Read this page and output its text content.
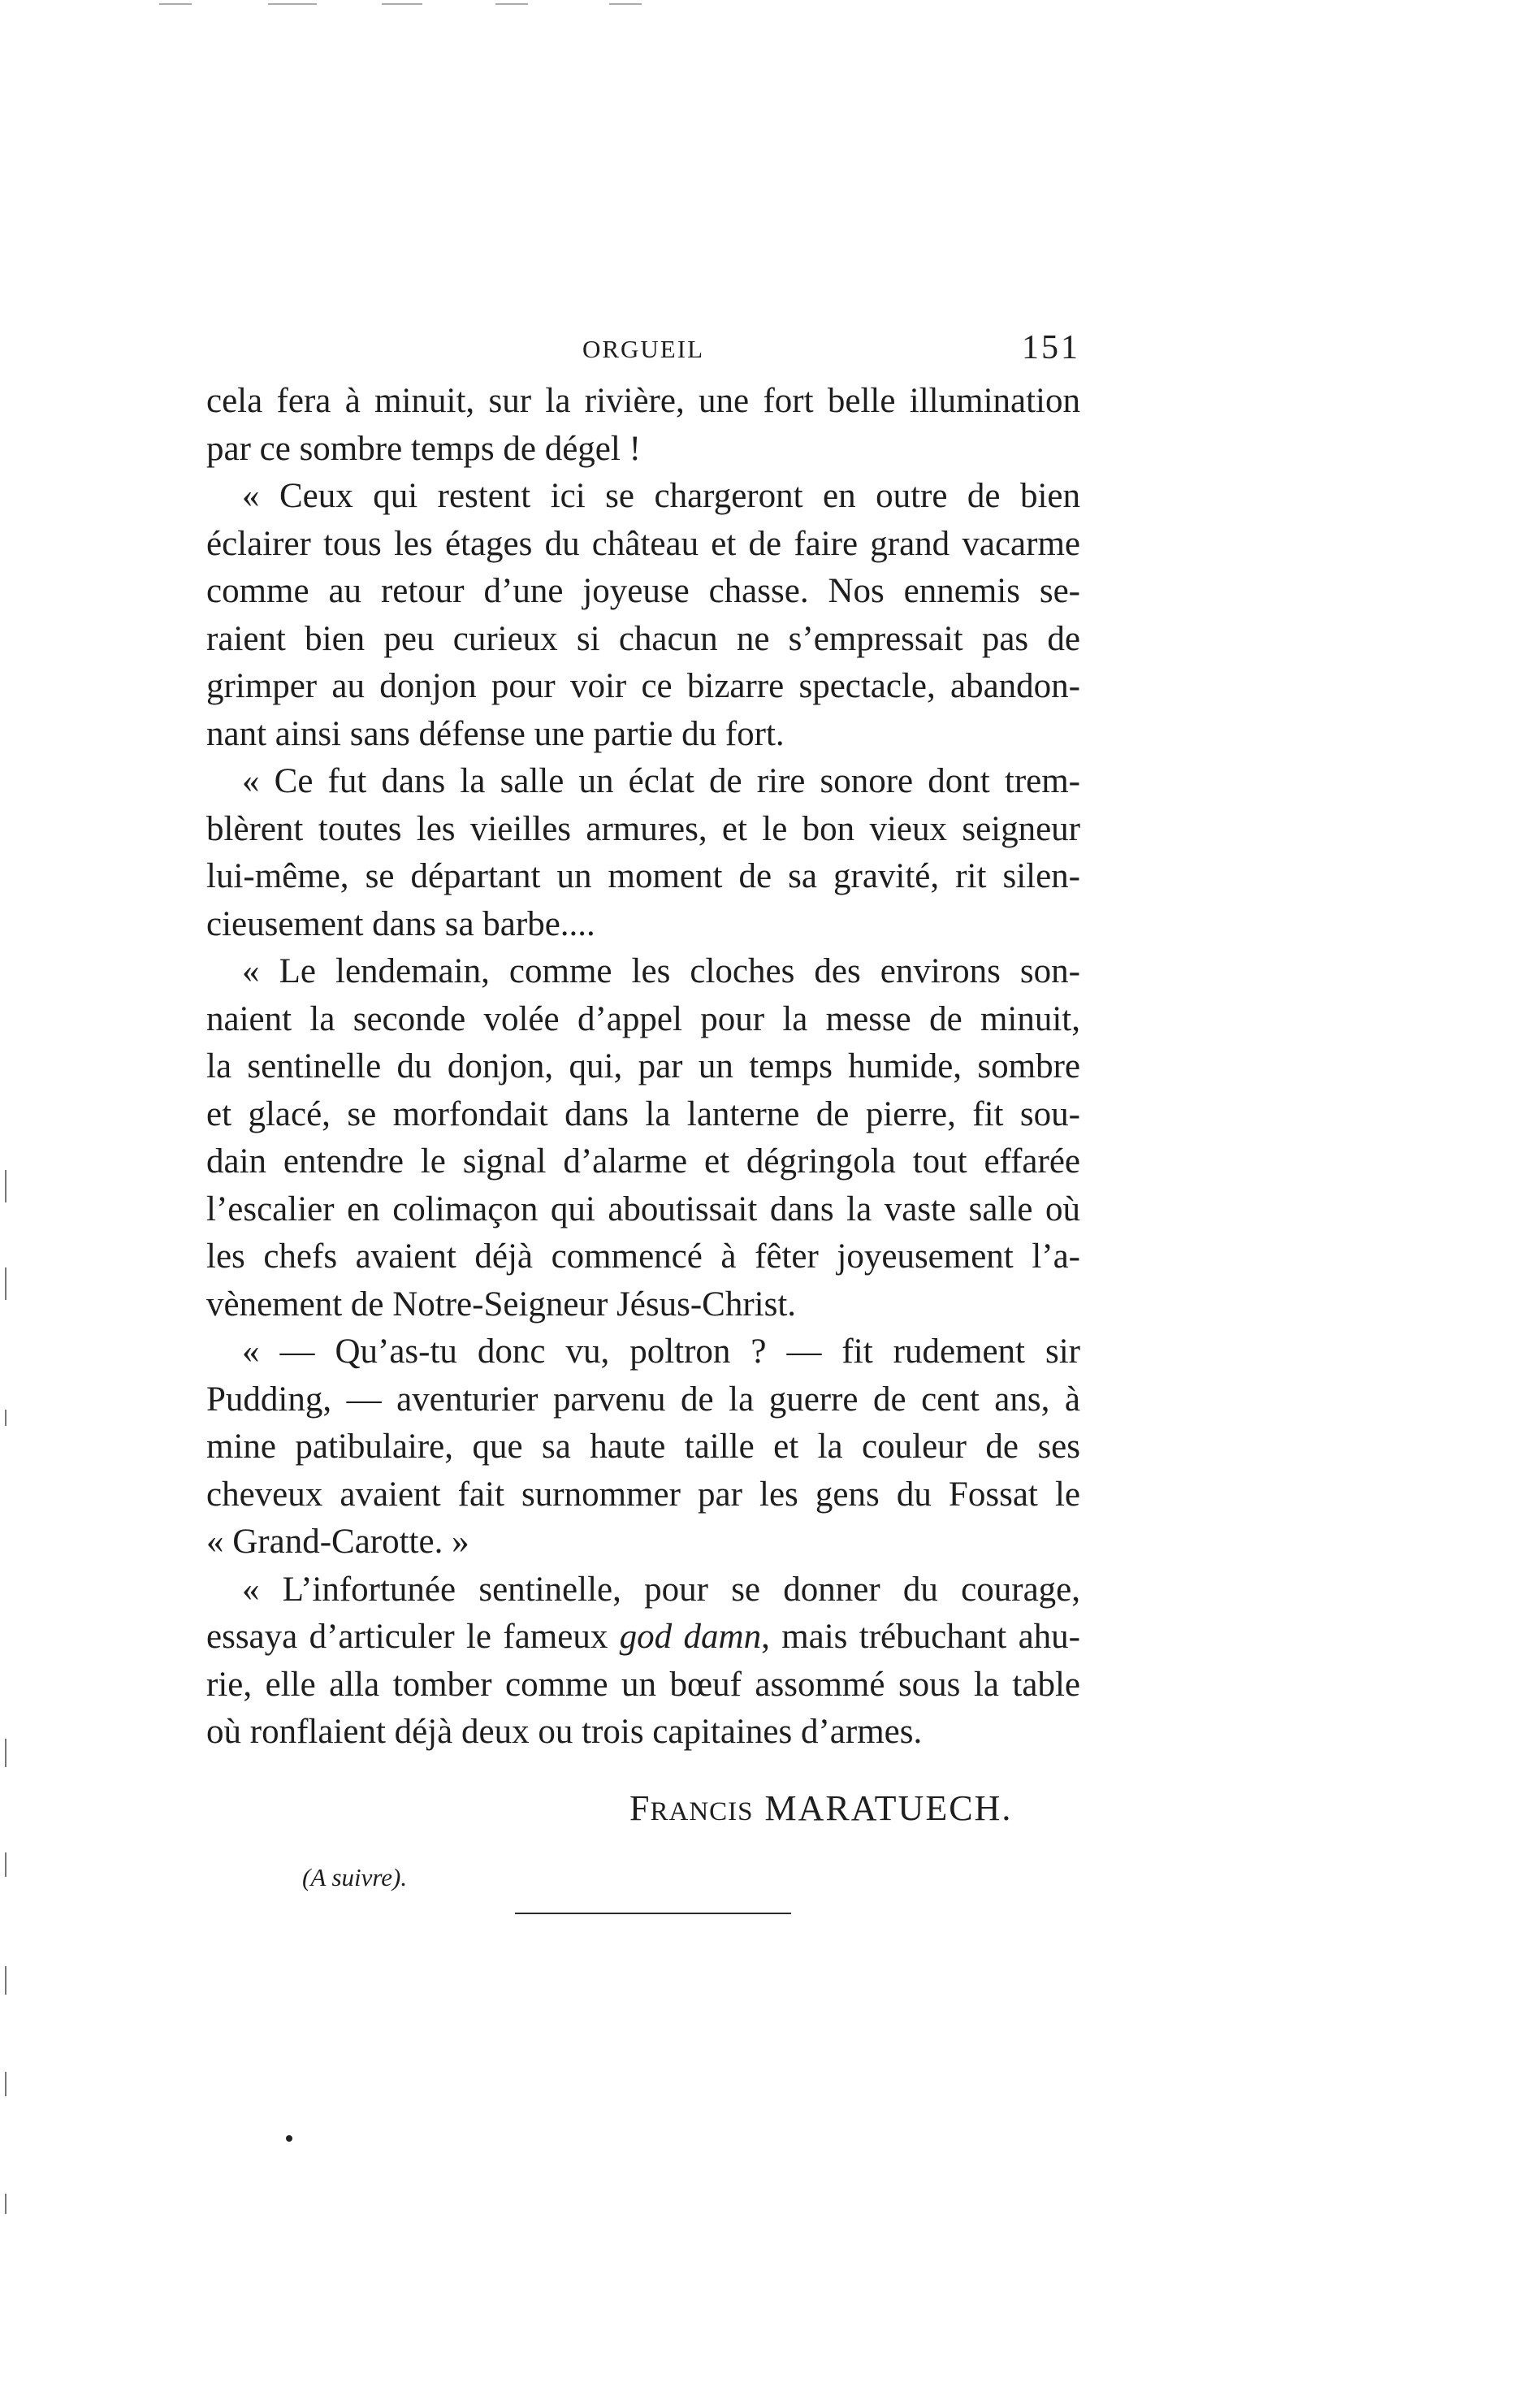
ORGUEIL	151
cela fera à minuit, sur la rivière, une fort belle illumination
par ce sombre temps de dégel !
« Ceux qui restent ici se chargeront en outre de bien
éclairer tous les étages du château et de faire grand vacarme
comme au retour d’une joyeuse chasse. Nos ennemis se-
raient bien peu curieux si chacun ne s’empressait pas de
grimper au donjon pour voir ce bizarre spectacle, abandon-
nant ainsi sans défense une partie du fort.
« Ce fut dans la salle un éclat de rire sonore dont trem-
blèrent toutes les vieilles armures, et le bon vieux seigneur
lui-même, se départant un moment de sa gravité, rit silen-
cieusement dans sa barbe....
« Le lendemain, comme les cloches des environs son-
naient la seconde volée d’appel pour la messe de minuit,
la sentinelle du donjon, qui, par un temps humide, sombre
et glacé, se morfondait dans la lanterne de pierre, fit sou-
dain entendre le signal d’alarme et dégringola tout effarée
l’escalier en colimaçon qui aboutissait dans la vaste salle où
les chefs avaient déjà commencé à fêter joyeusement l’a-
vènement de Notre-Seigneur Jésus-Christ.
« — Qu’as-tu donc vu, poltron ? — fit rudement sir
Pudding, — aventurier parvenu de la guerre de cent ans, à
mine patibulaire, que sa haute taille et la couleur de ses
cheveux avaient fait surnommer par les gens du Fossat le
« Grand-Carotte. »
« L’infortunée sentinelle, pour se donner du courage,
essaya d’articuler le fameux god damn, mais trébuchant ahu-
rie, elle alla tomber comme un bœuf assommé sous la table
où ronflaient déjà deux ou trois capitaines d’armes.
FRANCIS MARATUECH.
(A suivre).
